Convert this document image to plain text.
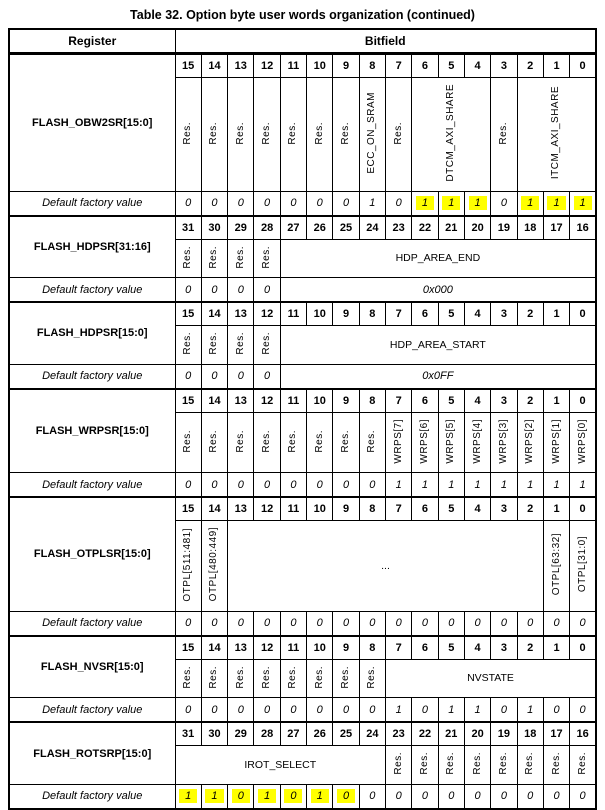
Table 32. Option byte user words organization (continued)
Register	Bitfield															
FLASH_OBW2SR[15:0]	15	14	13	12	11	10	9	8	7	6	5	4	3	2	1	0
	Res.	Res.	Res.	Res.	Res.	Res.	Res.	ECC_ON_SRAM	Res.	DTCM_AXI_SHARE			Res.	ITCM_AXI_SHARE		
Default factory value	0	0	0	0	0	0	0	1	0	1	1	1	0	1	1	1
FLASH_HDPSR[31:16]	31	30	29	28	27	26	25	24	23	22	21	20	19	18	17	16
	Res.	Res.	Res.	Res.	HDP_AREA_END											
Default factory value	0	0	0	0	0x000											
FLASH_HDPSR[15:0]	15	14	13	12	11	10	9	8	7	6	5	4	3	2	1	0
	Res.	Res.	Res.	Res.	HDP_AREA_START											
Default factory value	0	0	0	0	0x0FF											
FLASH_WRPSR[15:0]	15	14	13	12	11	10	9	8	7	6	5	4	3	2	1	0
	Res.	Res.	Res.	Res.	Res.	Res.	Res.	Res.	WRPS[7]	WRPS[6]	WRPS[5]	WRPS[4]	WRPS[3]	WRPS[2]	WRPS[1]	WRPS[0]
Default factory value	0	0	0	0	0	0	0	0	1	1	1	1	1	1	1	1
FLASH_OTPLSR[15:0]	15	14	13	12	11	10	9	8	7	6	5	4	3	2	1	0
	OTPL[511:481]	OTPL[480:449]	...												OTPL[63:32]	OTPL[31:0]
Default factory value	0	0	0	0	0	0	0	0	0	0	0	0	0	0	0	0
FLASH_NVSR[15:0]	15	14	13	12	11	10	9	8	7	6	5	4	3	2	1	0
	Res.	Res.	Res.	Res.	Res.	Res.	Res.	Res.	NVSTATE							
Default factory value	0	0	0	0	0	0	0	0	1	0	1	1	0	1	0	0
FLASH_ROTSRP[15:0]	31	30	29	28	27	26	25	24	23	22	21	20	19	18	17	16
	IROT_SELECT								Res.	Res.	Res.	Res.	Res.	Res.	Res.	Res.
Default factory value	1	1	0	1	0	1	0	0	0	0	0	0	0	0	0	0
